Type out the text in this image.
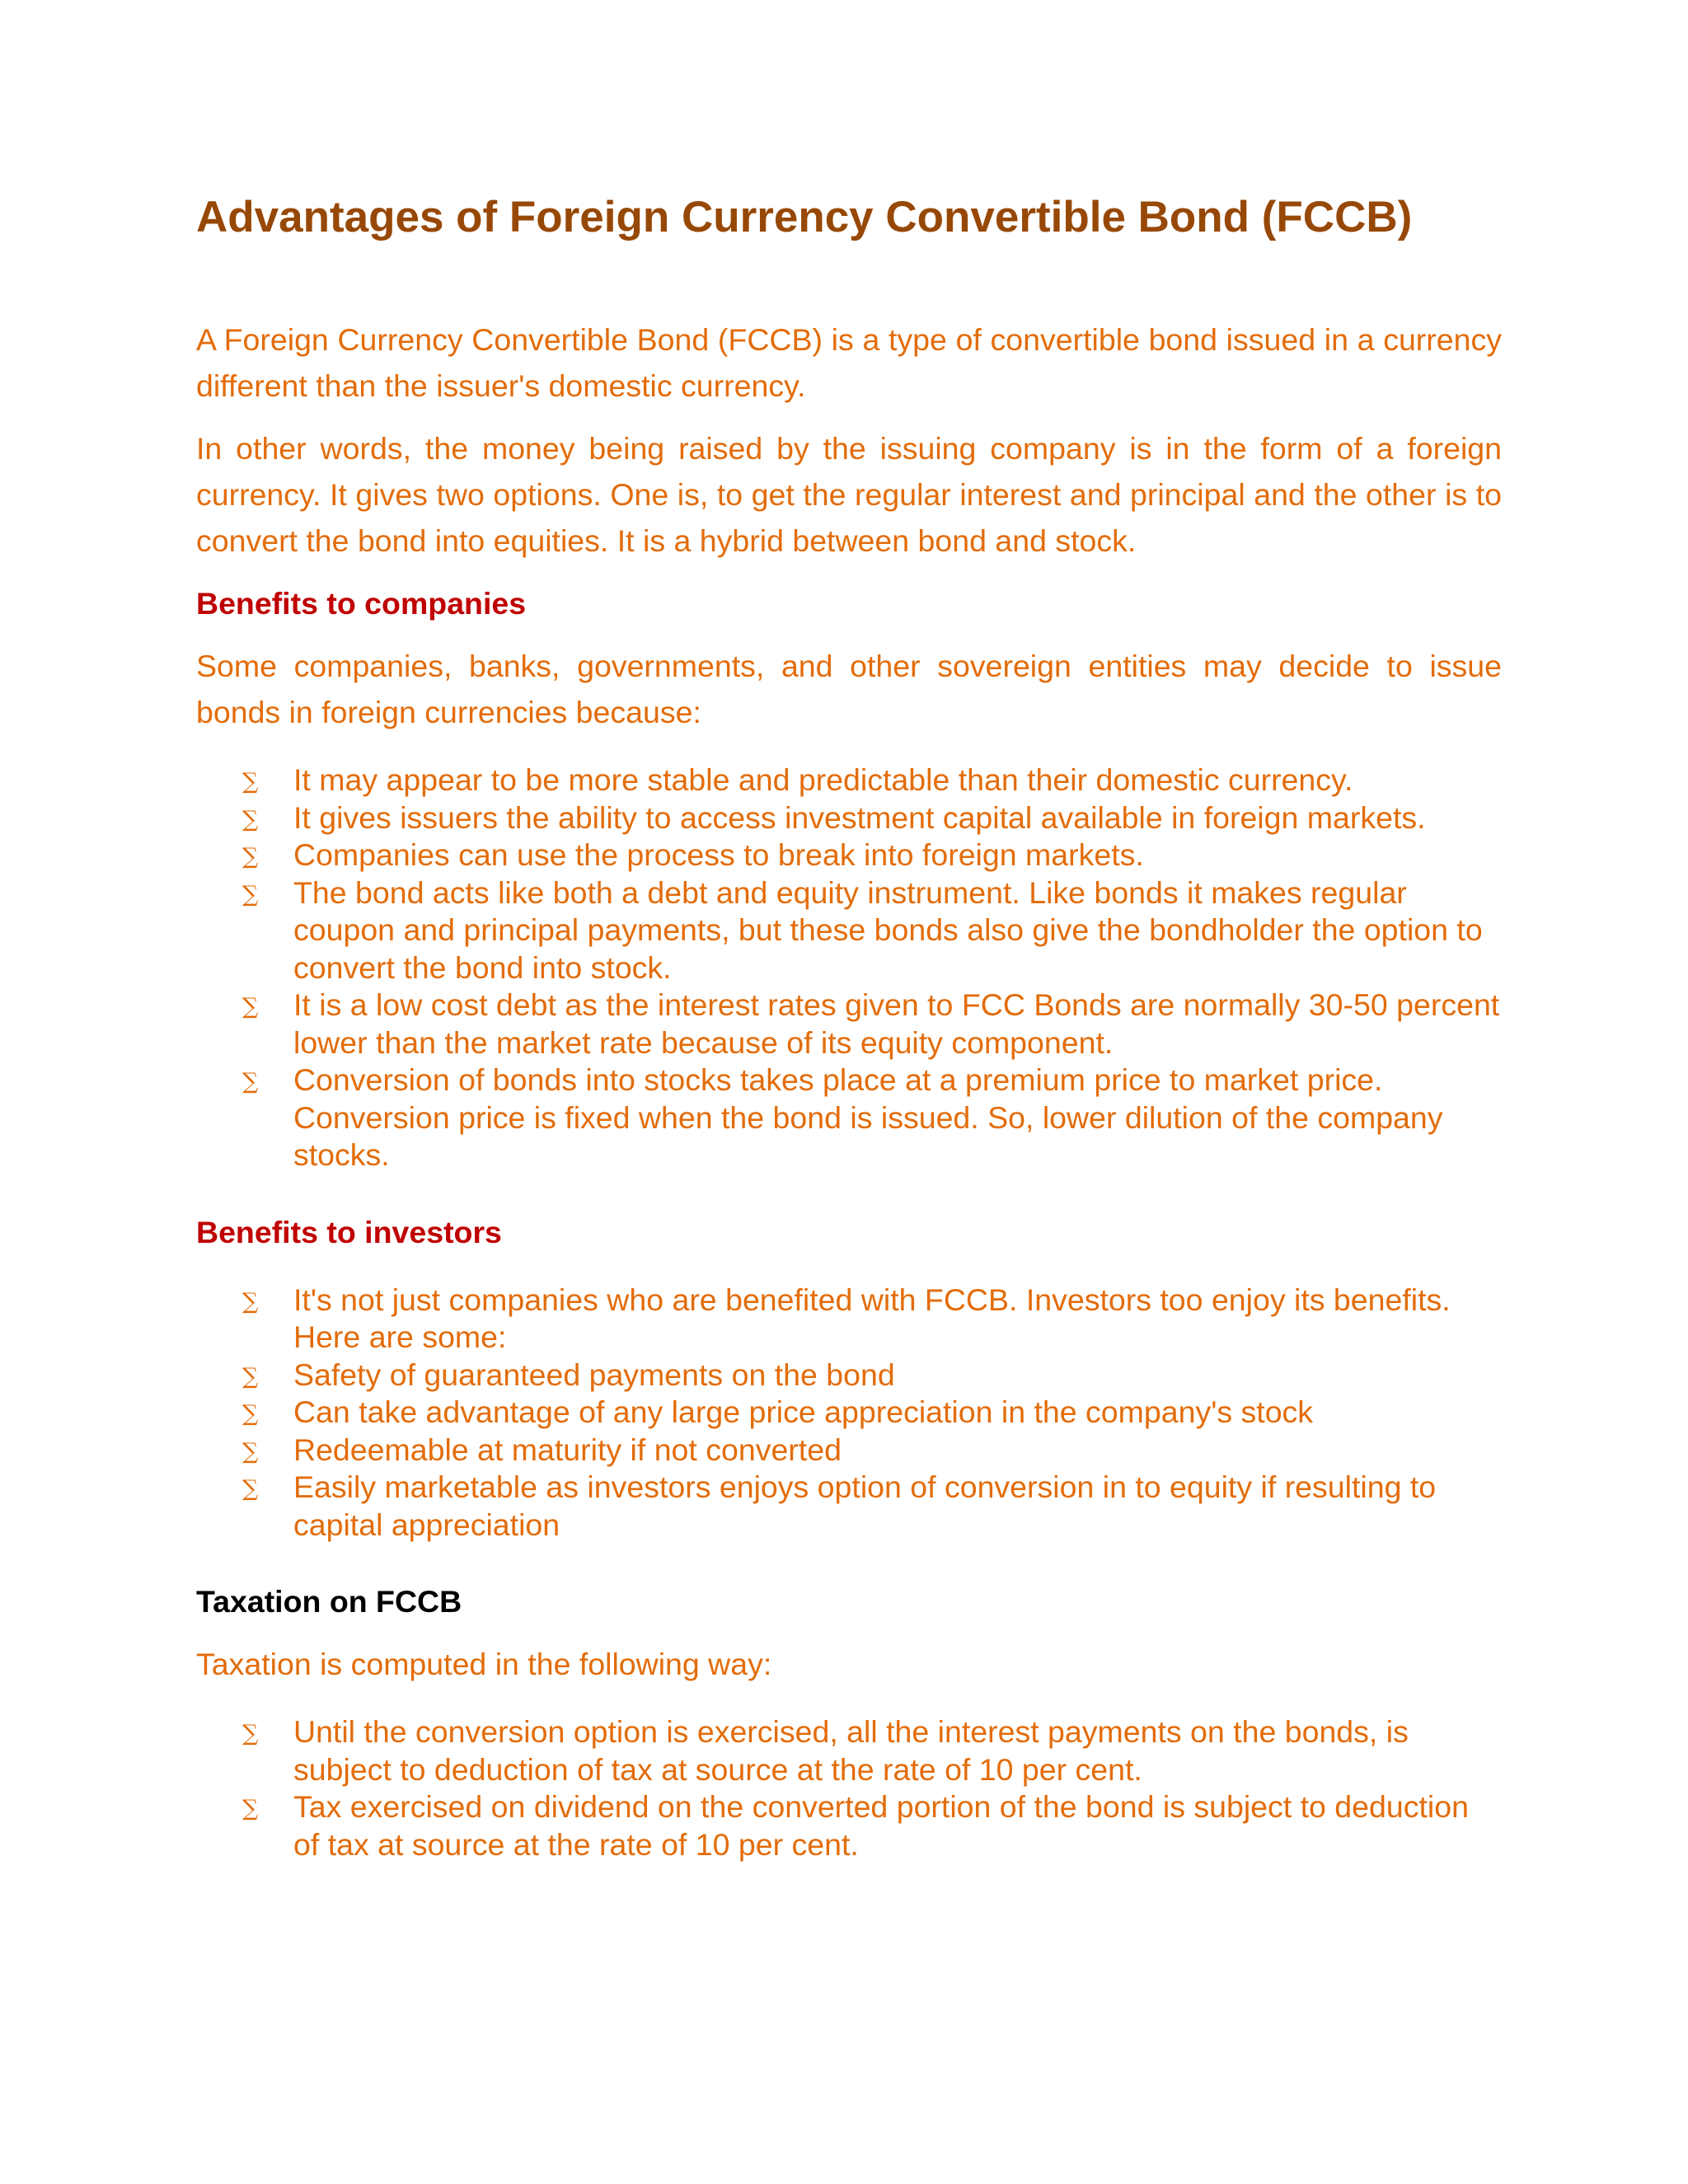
Advantages of Foreign Currency Convertible Bond (FCCB)

A Foreign Currency Convertible Bond (FCCB) is a type of convertible bond issued in a currency different than the issuer's domestic currency.

In other words, the money being raised by the issuing company is in the form of a foreign currency. It gives two options. One is, to get the regular interest and principal and the other is to convert the bond into equities. It is a hybrid between bond and stock.

Benefits to companies

Some companies, banks, governments, and other sovereign entities may decide to issue bonds in foreign currencies because:

∑ It may appear to be more stable and predictable than their domestic currency.
∑ It gives issuers the ability to access investment capital available in foreign markets.
∑ Companies can use the process to break into foreign markets.
∑ The bond acts like both a debt and equity instrument. Like bonds it makes regular coupon and principal payments, but these bonds also give the bondholder the option to convert the bond into stock.
∑ It is a low cost debt as the interest rates given to FCC Bonds are normally 30-50 percent lower than the market rate because of its equity component.
∑ Conversion of bonds into stocks takes place at a premium price to market price. Conversion price is fixed when the bond is issued. So, lower dilution of the company stocks.
Benefits to investors
∑ It's not just companies who are benefited with FCCB. Investors too enjoy its benefits. Here are some:
∑ Safety of guaranteed payments on the bond
∑ Can take advantage of any large price appreciation in the company's stock
∑ Redeemable at maturity if not converted
∑ Easily marketable as investors enjoys option of conversion in to equity if resulting to capital appreciation
Taxation on FCCB

Taxation is computed in the following way:

∑ Until the conversion option is exercised, all the interest payments on the bonds, is subject to deduction of tax at source at the rate of 10 per cent.
∑ Tax exercised on dividend on the converted portion of the bond is subject to deduction of tax at source at the rate of 10 per cent.
